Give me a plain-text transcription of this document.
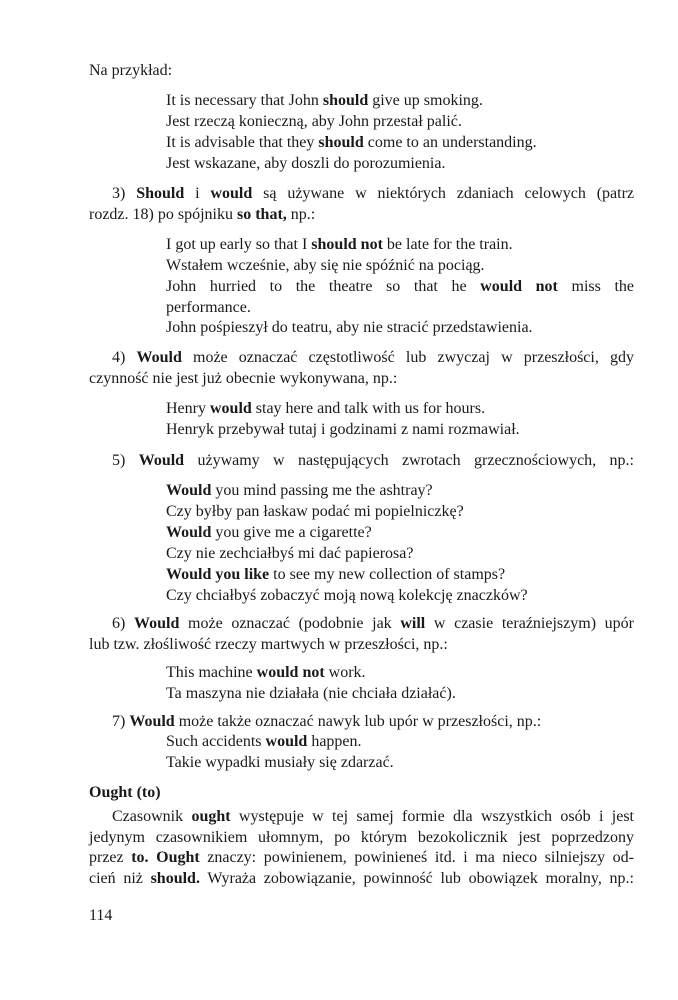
Na przykład:
It is necessary that John should give up smoking.
Jest rzeczą konieczną, aby John przestał palić.
It is advisable that they should come to an understanding.
Jest wskazane, aby doszli do porozumienia.
3) Should i would są używane w niektórych zdaniach celowych (patrz
rozdz. 18) po spójniku so that, np.:
I got up early so that I should not be late for the train.
Wstałem wcześnie, aby się nie spóźnić na pociąg.
John hurried to the theatre so that he would not miss the
performance.
John pośpieszył do teatru, aby nie stracić przedstawienia.
4) Would może oznaczać częstotliwość lub zwyczaj w przeszłości, gdy
czynność nie jest już obecnie wykonywana, np.:
Henry would stay here and talk with us for hours.
Henryk przebywał tutaj i godzinami z nami rozmawiał.
5) Would używamy w następujących zwrotach grzecznościowych, np.:
Would you mind passing me the ashtray?
Czy byłby pan łaskaw podać mi popielniczkę?
Would you give me a cigarette?
Czy nie zechciałbyś mi dać papierosa?
Would you like to see my new collection of stamps?
Czy chciałbyś zobaczyć moją nową kolekcję znaczków?
6) Would może oznaczać (podobnie jak will w czasie teraźniejszym) upór
lub tzw. złośliwość rzeczy martwych w przeszłości, np.:
This machine would not work.
Ta maszyna nie działała (nie chciała działać).
7) Would może także oznaczać nawyk lub upór w przeszłości, np.:
Such accidents would happen.
Takie wypadki musiały się zdarzać.
Ought (to)
Czasownik ought występuje w tej samej formie dla wszystkich osób i jest
jedynym czasownikiem ułomnym, po którym bezokolicznik jest poprzedzony
przez to. Ought znaczy: powinienem, powinieneś itd. i ma nieco silniejszy od-
cień niż should. Wyraża zobowiązanie, powinność lub obowiązek moralny, np.:
114
